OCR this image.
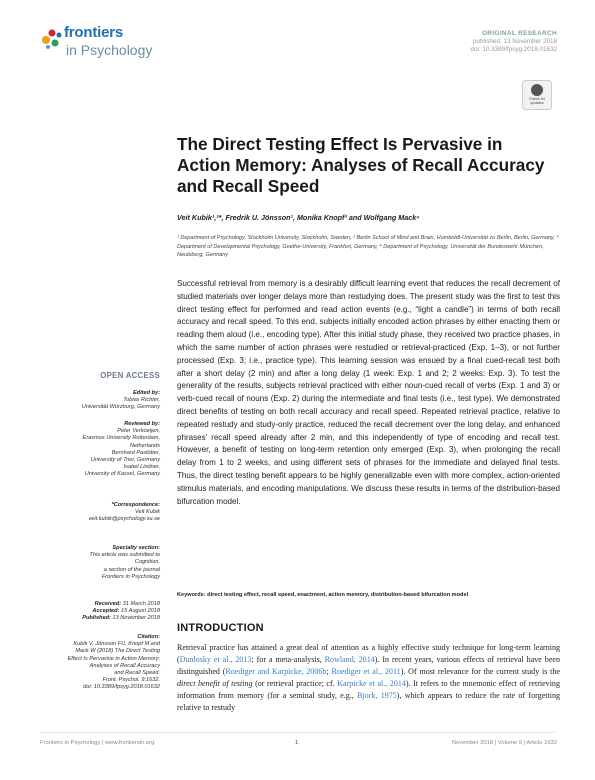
frontiers
in Psychology
ORIGINAL RESEARCH
published: 13 November 2018
doi: 10.3389/fpsyg.2018.01632
Check for
updates
The Direct Testing Effect Is Pervasive in Action Memory: Analyses of Recall Accuracy and Recall Speed
Veit Kubik¹,²*, Fredrik U. Jönsson¹, Monika Knopf³ and Wolfgang Mack⁴
¹ Department of Psychology, Stockholm University, Stockholm, Sweden, ² Berlin School of Mind and Brain, Humboldt-Universität zu Berlin, Berlin, Germany, ³ Department of Developmental Psychology, Goethe-University, Frankfurt, Germany, ⁴ Department of Psychology, Universität der Bundeswehr München, Neubiberg, Germany
Successful retrieval from memory is a desirably difficult learning event that reduces the recall decrement of studied materials over longer delays more than restudying does. The present study was the first to test this direct testing effect for performed and read action events (e.g., “light a candle”) in terms of both recall accuracy and recall speed. To this end, subjects initially encoded action phrases by either enacting them or reading them aloud (i.e., encoding type). After this initial study phase, they received two practice phases, in which the same number of action phrases were restudied or retrieval-practiced (Exp. 1–3), or not further processed (Exp. 3; i.e., practice type). This learning session was ensued by a final cued-recall test both after a short delay (2 min) and after a long delay (1 week: Exp. 1 and 2; 2 weeks: Exp. 3). To test the generality of the results, subjects retrieval practiced with either noun-cued recall of verbs (Exp. 1 and 3) or verb-cued recall of nouns (Exp. 2) during the intermediate and final tests (i.e., test type). We demonstrated direct benefits of testing on both recall accuracy and recall speed. Repeated retrieval practice, relative to repeated restudy and study-only practice, reduced the recall decrement over the long delay, and enhanced phrases’ recall speed already after 2 min, and this independently of type of encoding and recall test. However, a benefit of testing on long-term retention only emerged (Exp. 3), when prolonging the recall delay from 1 to 2 weeks, and using different sets of phrases for the immediate and delayed final tests. Thus, the direct testing benefit appears to be highly generalizable even with more complex, action-oriented stimulus materials, and encoding manipulations. We discuss these results in terms of the distribution-based bifurcation model.
Keywords: direct testing effect, recall speed, enactment, action memory, distribution-based bifurcation model
INTRODUCTION
Retrieval practice has attained a great deal of attention as a highly effective study technique for long-term learning (Dunlosky et al., 2013; for a meta-analysis, Rowland, 2014). In recent years, various effects of retrieval have been distinguished (Roediger and Karpicke, 2006b; Roediger et al., 2011). Of most relevance for the current study is the direct benefit of testing (or retrieval practice; cf. Karpicke et al., 2014). It refers to the mnemonic effect of retrieving information from memory (for a seminal study, e.g., Bjork, 1975), which appears to reduce the rate of forgetting relative to restudy
OPEN ACCESS
Edited by:
Tobias Richter,
Universität Würzburg, Germany
Reviewed by:
Peter Verkoeijen,
Erasmus University Rotterdam,
Netherlands
Bernhard Pastötter,
University of Trier, Germany
Isabel Lindner,
University of Kassel, Germany
*Correspondence:
Veit Kubik
veit.kubik@psychology.su.se
Specialty section:
This article was submitted to
Cognition,
a section of the journal
Frontiers in Psychology
Received: 31 March 2018
Accepted: 15 August 2018
Published: 13 November 2018
Citation:
Kubik V, Jönsson FU, Knopf M and
Mack W (2018) The Direct Testing
Effect Is Pervasive in Action Memory:
Analyses of Recall Accuracy
and Recall Speed.
Front. Psychol. 9:1632.
doi: 10.3389/fpsyg.2018.01632
Frontiers in Psychology | www.frontiersin.org	1	November 2018 | Volume 9 | Article 1632
